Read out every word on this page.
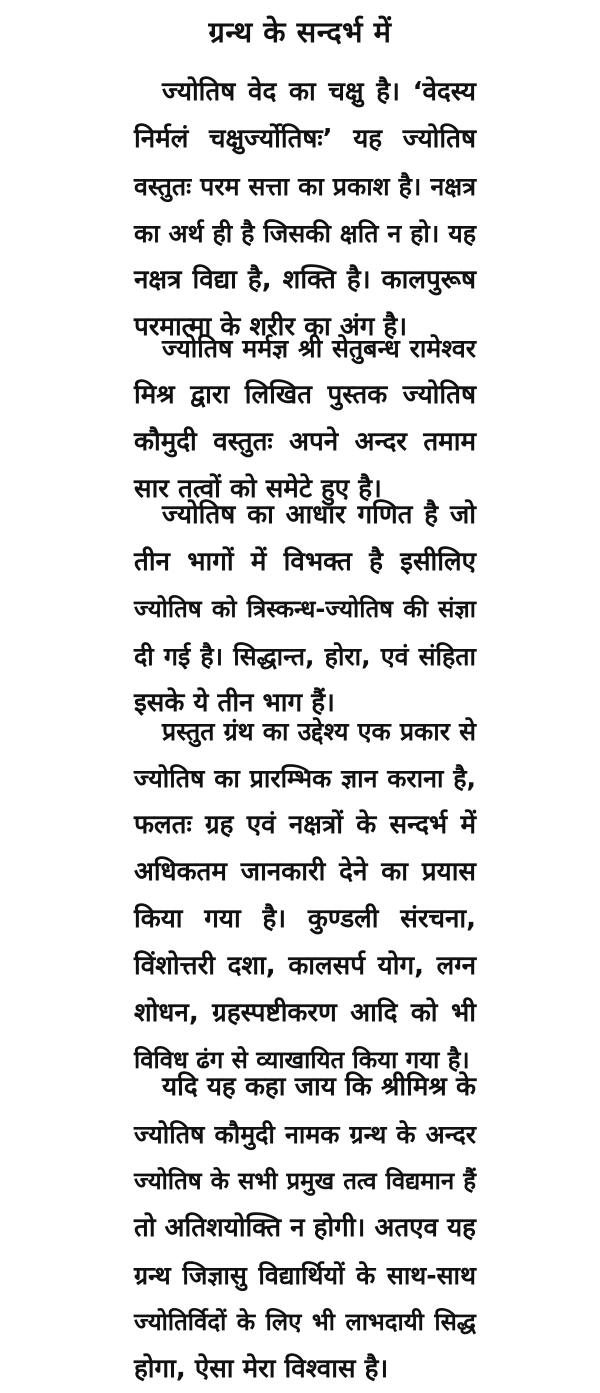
ग्रन्थ के सन्दर्भ में
ज्योतिष वेद का चक्षु है। ‘वेदस्य
निर्मलं चक्षुर्ज्योतिषः’ यह ज्योतिष
वस्तुतः परम सत्ता का प्रकाश है। नक्षत्र
का अर्थ ही है जिसकी क्षति न हो। यह
नक्षत्र विद्या है, शक्ति है। कालपुरूष
परमात्मा के शरीर का अंग है।
ज्योतिष मर्मज्ञ श्री सेतुबन्ध रामेश्वर
मिश्र द्वारा लिखित पुस्तक ज्योतिष
कौमुदी वस्तुतः अपने अन्दर तमाम
सार तत्वों को समेटे हुए है।
ज्योतिष का आधार गणित है जो
तीन भागों में विभक्त है इसीलिए
ज्योतिष को त्रिस्कन्ध-ज्योतिष की संज्ञा
दी गई है। सिद्धान्त, होरा, एवं संहिता
इसके ये तीन भाग हैं।
प्रस्तुत ग्रंथ का उद्देश्य एक प्रकार से
ज्योतिष का प्रारम्भिक ज्ञान कराना है,
फलतः ग्रह एवं नक्षत्रों के सन्दर्भ में
अधिकतम जानकारी देने का प्रयास
किया गया है। कुण्डली संरचना,
विंशोत्तरी दशा, कालसर्प योग, लग्न
शोधन, ग्रहस्पष्टीकरण आदि को भी
विविध ढंग से व्याखायित किया गया है।
यदि यह कहा जाय कि श्रीमिश्र के
ज्योतिष कौमुदी नामक ग्रन्थ के अन्दर
ज्योतिष के सभी प्रमुख तत्व विद्यमान हैं
तो अतिशयोक्ति न होगी। अतएव यह
ग्रन्थ जिज्ञासु विद्यार्थियों के साथ-साथ
ज्योतिर्विदों के लिए भी लाभदायी सिद्ध
होगा, ऐसा मेरा विश्वास है।
